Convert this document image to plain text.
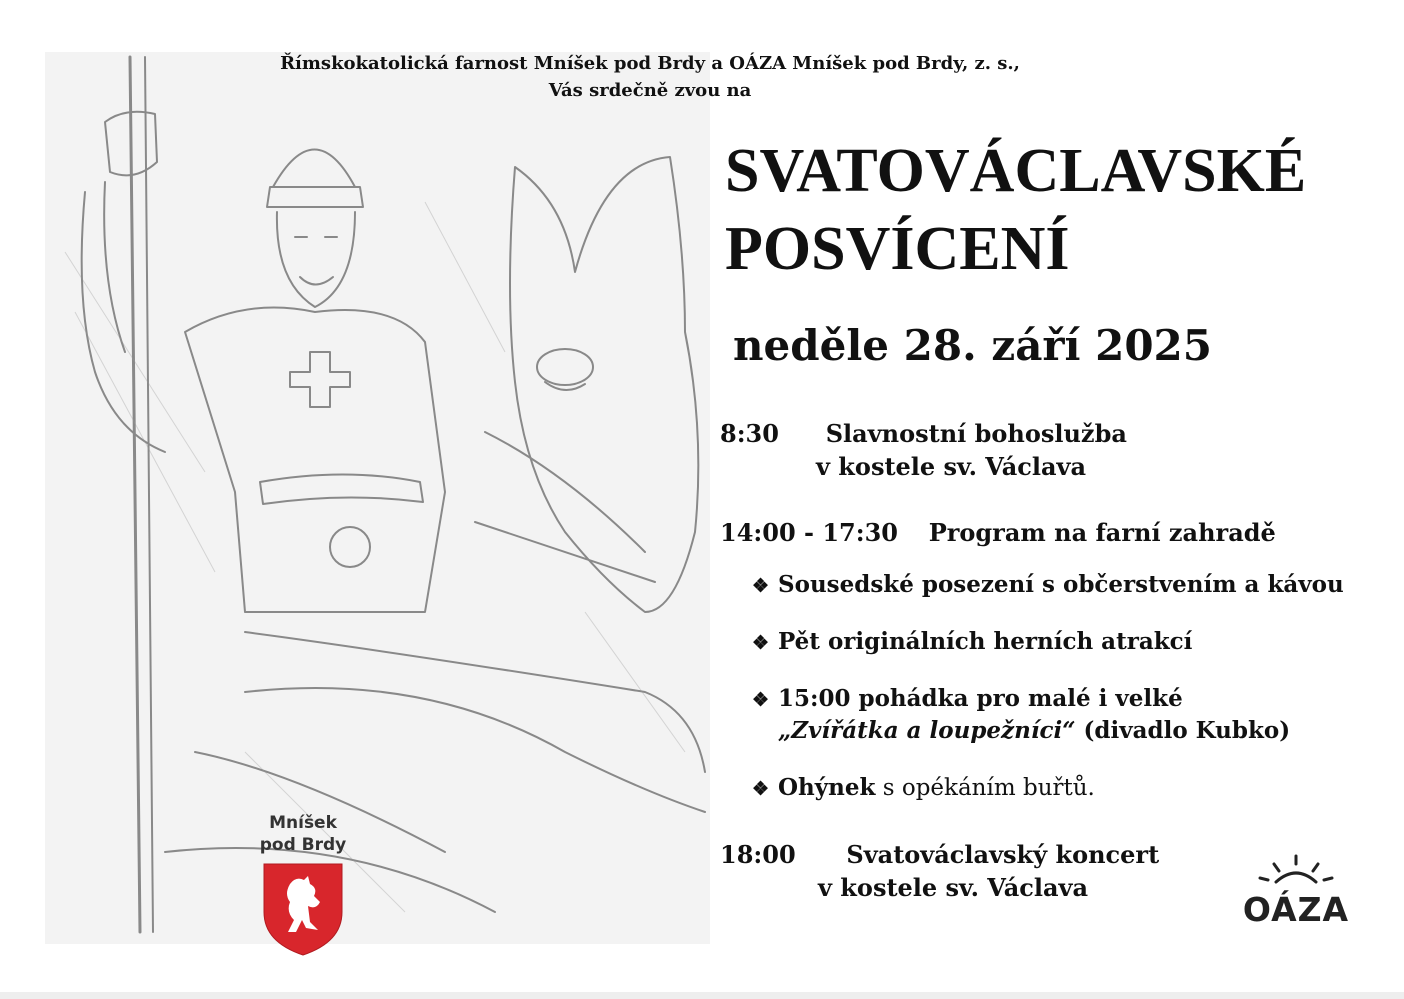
Římskokatolická farnost Mníšek pod Brdy a OÁZA Mníšek pod Brdy, z. s.,
Vás srdečně zvou na
SVATOVÁCLAVSKÉ
POSVÍCENÍ
neděle 28. září 2025
8:30 Slavnostní bohoslužba
v kostele sv. Václava
14:00 - 17:30 Program na farní zahradě
❖ Sousedské posezení s občerstvením a kávou
❖ Pět originálních herních atrakcí
❖ 15:00 pohádka pro malé i velké
„Zvířátka a loupežníci“ (divadlo Kubko)
❖ Ohýnek s opékáním buřtů.
18:00 Svatováclavský koncert
v kostele sv. Václava
Mníšek
pod Brdy
OÁZA
